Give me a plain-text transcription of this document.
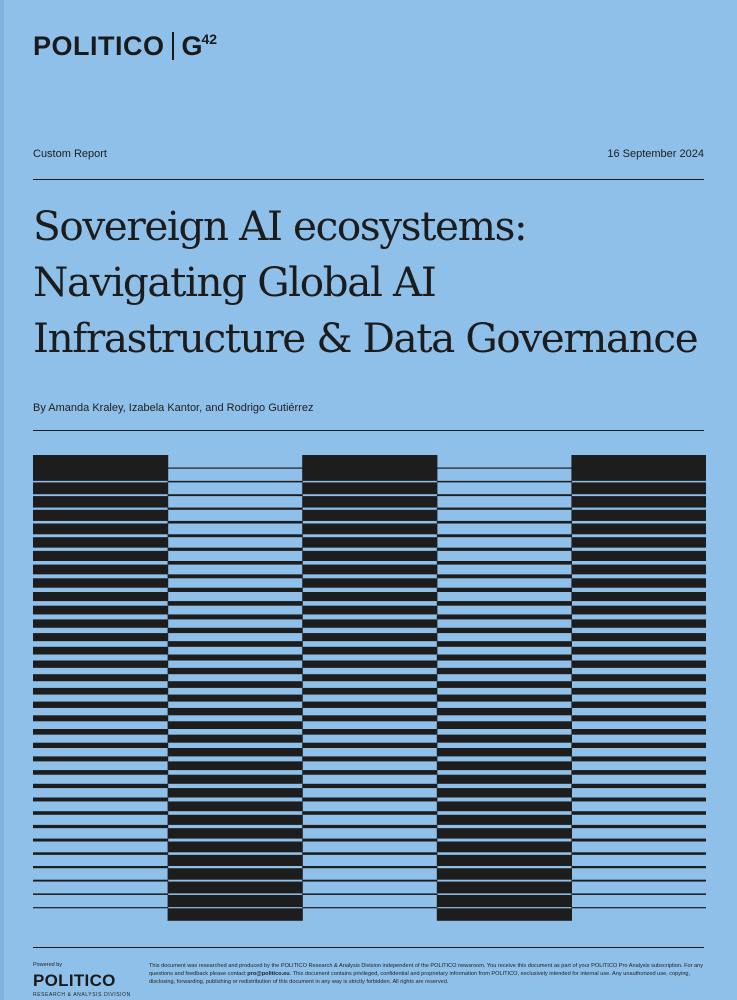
POLITICO $G^{42}$
Custom Report	16 September 2024
Sovereign AI ecosystems:
Navigating Global AI
Infrastructure & Data Governance
By Amanda Kraley, Izabela Kantor, and Rodrigo Gutiérrez
Powered by
POLITICO
RESEARCH & ANALYSIS DIVISION

This document was researched and produced by the POLITICO Research & Analysis Division independent of the POLITICO newsroom. You receive this document as part of your POLITICO Pro Analysis subscription. For any questions and feedback please contact pro@politico.eu. This document contains privileged, confidential and proprietary information from POLITICO, exclusively intended for internal use. Any unauthorized use, copying, disclosing, forwarding, publishing or redistribution of this document in any way is strictly forbidden. All rights are reserved.
